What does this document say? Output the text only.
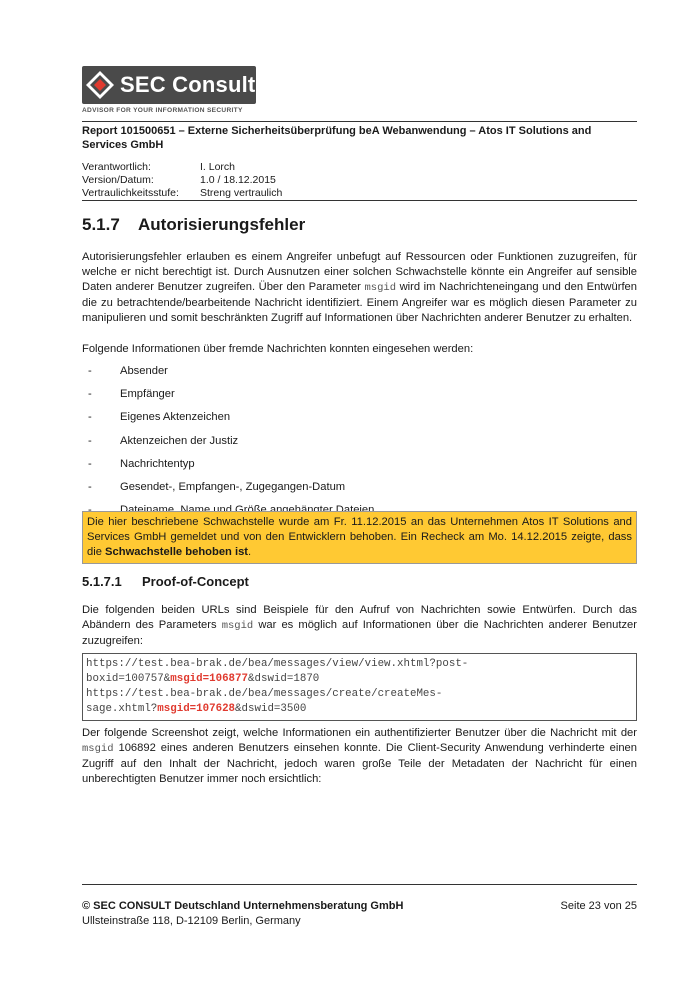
SEC Consult
ADVISOR FOR YOUR INFORMATION SECURITY
Report 101500651 – Externe Sicherheitsüberprüfung beA Webanwendung – Atos IT Solutions and Services GmbH
Verantwortlich:	I. Lorch
Version/Datum:	1.0 / 18.12.2015
Vertraulichkeitsstufe:	Streng vertraulich
5.1.7 Autorisierungsfehler
Autorisierungsfehler erlauben es einem Angreifer unbefugt auf Ressourcen oder Funktionen zuzugreifen, für welche er nicht berechtigt ist. Durch Ausnutzen einer solchen Schwachstelle könnte ein Angreifer auf sensible Daten anderer Benutzer zugreifen. Über den Parameter msgid wird im Nachrichteneingang und den Entwürfen die zu betrachtende/bearbeitende Nachricht identifiziert. Einem Angreifer war es möglich diesen Parameter zu manipulieren und somit beschränkten Zugriff auf Informationen über Nachrichten anderer Benutzer zu erhalten.
Folgende Informationen über fremde Nachrichten konnten eingesehen werden:
-	Absender
-	Empfänger
-	Eigenes Aktenzeichen
-	Aktenzeichen der Justiz
-	Nachrichtentyp
-	Gesendet-, Empfangen-, Zugegangen-Datum
Die hier beschriebene Schwachstelle wurde am Fr. 11.12.2015 an das Unternehmen Atos IT Solutions and Services GmbH gemeldet und von den Entwicklern behoben. Ein Recheck am Mo. 14.12.2015 zeigte, dass die Schwachstelle behoben ist.
5.1.7.1 Proof-of-Concept
Die folgenden beiden URLs sind Beispiele für den Aufruf von Nachrichten sowie Entwürfen. Durch das Abändern des Parameters msgid war es möglich auf Informationen über die Nachrichten anderer Benutzer zuzugreifen:
https://test.bea-brak.de/bea/messages/view/view.xhtml?post-
boxid=100757&msgid=106877&dswid=1870
https://test.bea-brak.de/bea/messages/create/createMes-
sage.xhtml?msgid=107628&dswid=3500
Der folgende Screenshot zeigt, welche Informationen ein authentifizierter Benutzer über die Nachricht mit der msgid 106892 eines anderen Benutzers einsehen konnte. Die Client-Security Anwendung verhinderte einen Zugriff auf den Inhalt der Nachricht, jedoch waren große Teile der Metadaten der Nachricht für einen unberechtigten Benutzer immer noch ersichtlich:
© SEC CONSULT Deutschland Unternehmensberatung GmbH
Ullsteinstraße 118, D-12109 Berlin, Germany
Seite 23 von 25
